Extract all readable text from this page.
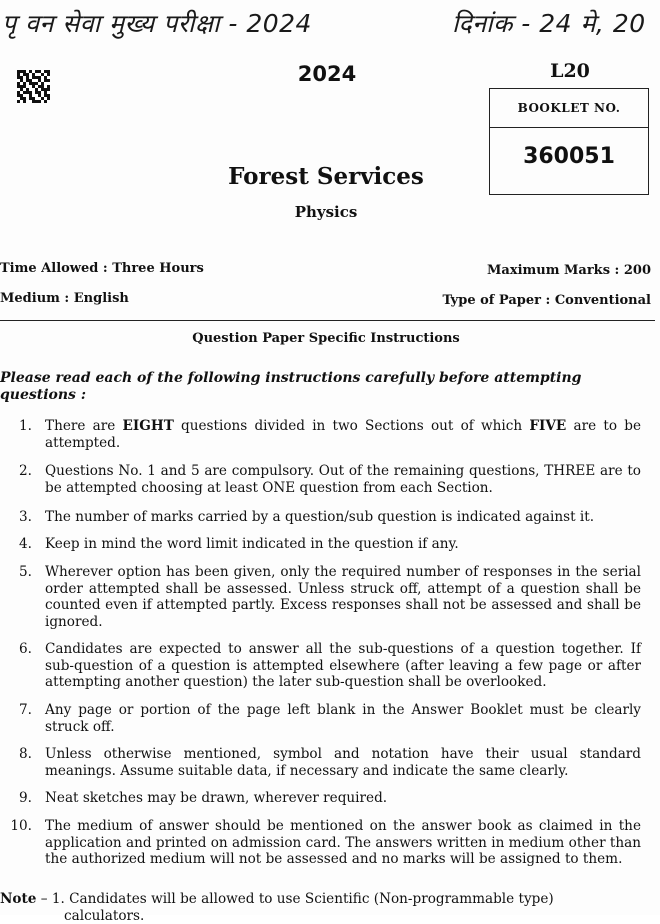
पृ वन सेवा मुख्य परीक्षा - 2024	दिनांक - 24 मे, 20
2024	L20
BOOKLET NO.
360051
Forest Services
Physics
Time Allowed : Three Hours	Maximum Marks : 200
Medium : English	Type of Paper : Conventional
Question Paper Specific Instructions
Please read each of the following instructions carefully before attempting questions :
1. There are EIGHT questions divided in two Sections out of which FIVE are to be attempted.
2. Questions No. 1 and 5 are compulsory. Out of the remaining questions, THREE are to be attempted choosing at least ONE question from each Section.
3. The number of marks carried by a question/sub question is indicated against it.
4. Keep in mind the word limit indicated in the question if any.
5. Wherever option has been given, only the required number of responses in the serial order attempted shall be assessed. Unless struck off, attempt of a question shall be counted even if attempted partly. Excess responses shall not be assessed and shall be ignored.
6. Candidates are expected to answer all the sub-questions of a question together. If sub-question of a question is attempted elsewhere (after leaving a few page or after attempting another question) the later sub-question shall be overlooked.
7. Any page or portion of the page left blank in the Answer Booklet must be clearly struck off.
8. Unless otherwise mentioned, symbol and notation have their usual standard meanings. Assume suitable data, if necessary and indicate the same clearly.
9. Neat sketches may be drawn, wherever required.
10. The medium of answer should be mentioned on the answer book as claimed in the application and printed on admission card. The answers written in medium other than the authorized medium will not be assessed and no marks will be assigned to them.
Note – 1. Candidates will be allowed to use Scientific (Non-programmable type)
calculators.
